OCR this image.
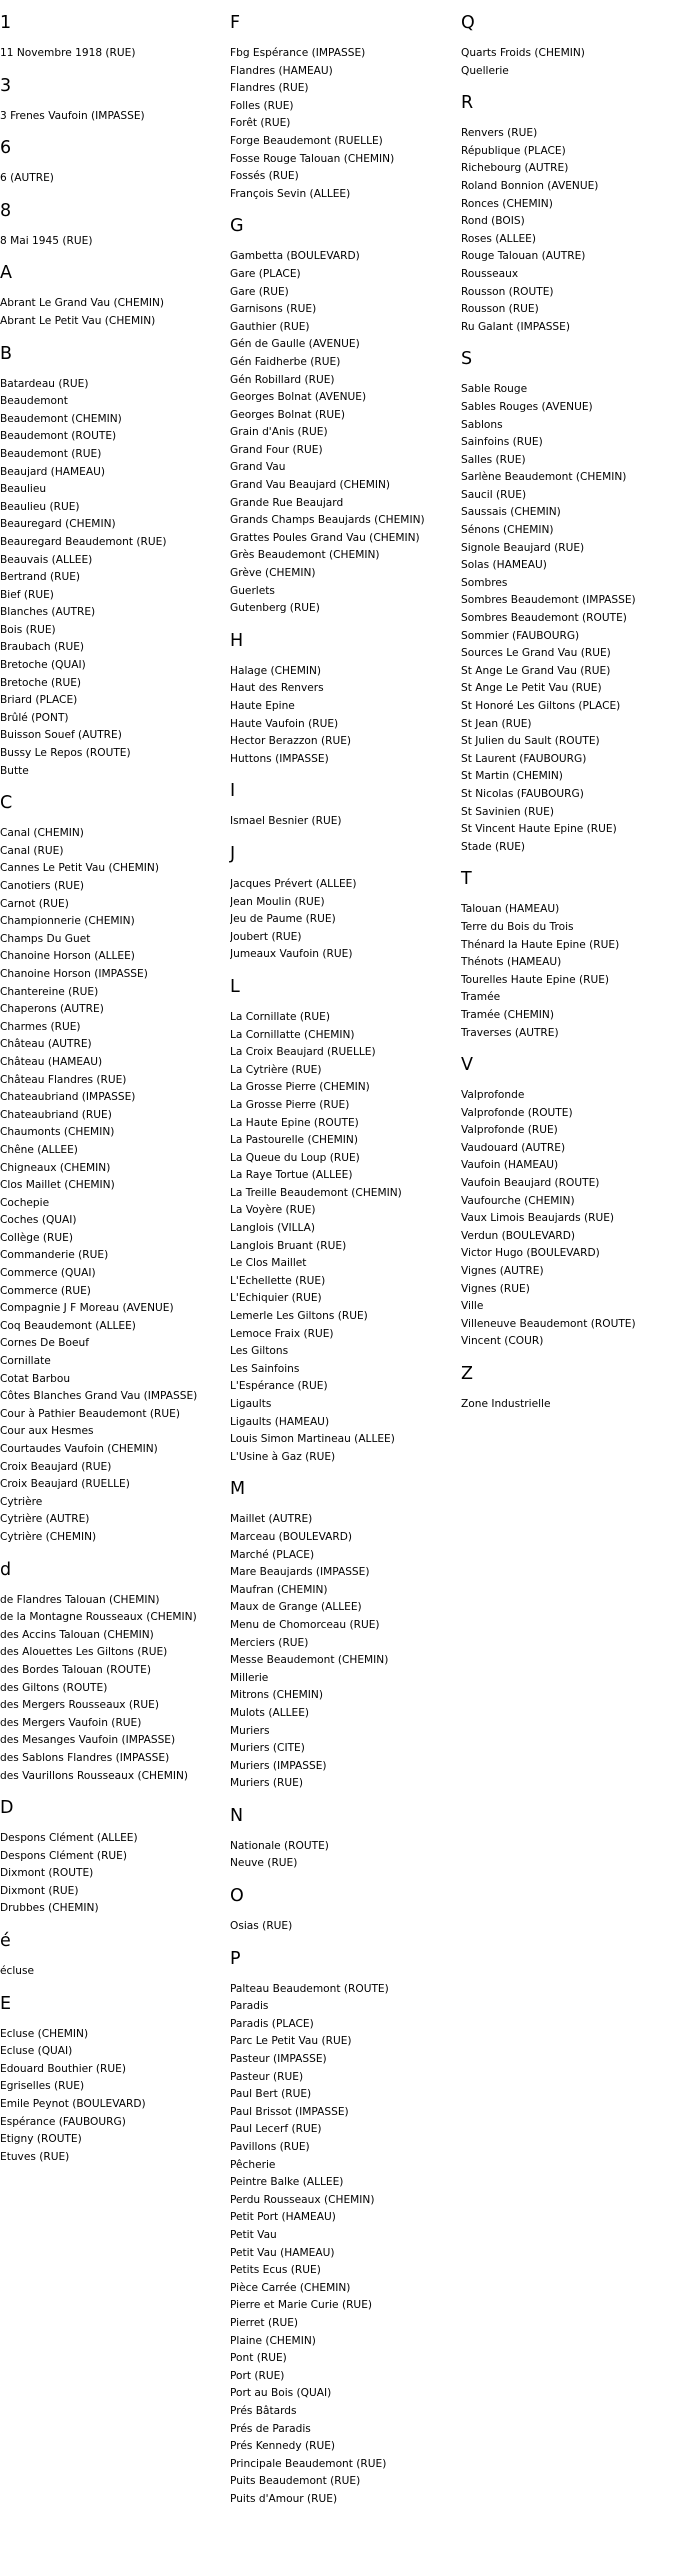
1
11 Novembre 1918 (RUE)
3
3 Frenes Vaufoin (IMPASSE)
6
6 (AUTRE)
8
8 Mai 1945 (RUE)
A
Abrant Le Grand Vau (CHEMIN)
Abrant Le Petit Vau (CHEMIN)
B
Batardeau (RUE)
Beaudemont
Beaudemont (CHEMIN)
Beaudemont (ROUTE)
Beaudemont (RUE)
Beaujard (HAMEAU)
Beaulieu
Beaulieu (RUE)
Beauregard (CHEMIN)
Beauregard Beaudemont (RUE)
Beauvais (ALLEE)
Bertrand (RUE)
Bief (RUE)
Blanches (AUTRE)
Bois (RUE)
Braubach (RUE)
Bretoche (QUAI)
Bretoche (RUE)
Briard (PLACE)
Brûlé (PONT)
Buisson Souef (AUTRE)
Bussy Le Repos (ROUTE)
Butte
C
Canal (CHEMIN)
Canal (RUE)
Cannes Le Petit Vau (CHEMIN)
Canotiers (RUE)
Carnot (RUE)
Championnerie (CHEMIN)
Champs Du Guet
Chanoine Horson (ALLEE)
Chanoine Horson (IMPASSE)
Chantereine (RUE)
Chaperons (AUTRE)
Charmes (RUE)
Château (AUTRE)
Château (HAMEAU)
Château Flandres (RUE)
Chateaubriand (IMPASSE)
Chateaubriand (RUE)
Chaumonts (CHEMIN)
Chêne (ALLEE)
Chigneaux (CHEMIN)
Clos Maillet (CHEMIN)
Cochepie
Coches (QUAI)
Collège (RUE)
Commanderie (RUE)
Commerce (QUAI)
Commerce (RUE)
Compagnie J F Moreau (AVENUE)
Coq Beaudemont (ALLEE)
Cornes De Boeuf
Cornillate
Cotat Barbou
Côtes Blanches Grand Vau (IMPASSE)
Cour à Pathier Beaudemont (RUE)
Cour aux Hesmes
Courtaudes Vaufoin (CHEMIN)
Croix Beaujard (RUE)
Croix Beaujard (RUELLE)
Cytrière
Cytrière (AUTRE)
Cytrière (CHEMIN)
d
de Flandres Talouan (CHEMIN)
de la Montagne Rousseaux (CHEMIN)
des Accins Talouan (CHEMIN)
des Alouettes Les Giltons (RUE)
des Bordes Talouan (ROUTE)
des Giltons (ROUTE)
des Mergers Rousseaux (RUE)
des Mergers Vaufoin (RUE)
des Mesanges Vaufoin (IMPASSE)
des Sablons Flandres (IMPASSE)
des Vaurillons Rousseaux (CHEMIN)
D
Despons Clément (ALLEE)
Despons Clément (RUE)
Dixmont (ROUTE)
Dixmont (RUE)
Drubbes (CHEMIN)
é
écluse
E
Ecluse (CHEMIN)
Ecluse (QUAI)
Edouard Bouthier (RUE)
Egriselles (RUE)
Emile Peynot (BOULEVARD)
Espérance (FAUBOURG)
Etigny (ROUTE)
Etuves (RUE)
F
Fbg Espérance (IMPASSE)
Flandres (HAMEAU)
Flandres (RUE)
Folles (RUE)
Forêt (RUE)
Forge Beaudemont (RUELLE)
Fosse Rouge Talouan (CHEMIN)
Fossés (RUE)
François Sevin (ALLEE)
G
Gambetta (BOULEVARD)
Gare (PLACE)
Gare (RUE)
Garnisons (RUE)
Gauthier (RUE)
Gén de Gaulle (AVENUE)
Gén Faidherbe (RUE)
Gén Robillard (RUE)
Georges Bolnat (AVENUE)
Georges Bolnat (RUE)
Grain d'Anis (RUE)
Grand Four (RUE)
Grand Vau
Grand Vau Beaujard (CHEMIN)
Grande Rue Beaujard
Grands Champs Beaujards (CHEMIN)
Grattes Poules Grand Vau (CHEMIN)
Grès Beaudemont (CHEMIN)
Grève (CHEMIN)
Guerlets
Gutenberg (RUE)
H
Halage (CHEMIN)
Haut des Renvers
Haute Epine
Haute Vaufoin (RUE)
Hector Berazzon (RUE)
Huttons (IMPASSE)
I
Ismael Besnier (RUE)
J
Jacques Prévert (ALLEE)
Jean Moulin (RUE)
Jeu de Paume (RUE)
Joubert (RUE)
Jumeaux Vaufoin (RUE)
L
La Cornillate (RUE)
La Cornillatte (CHEMIN)
La Croix Beaujard (RUELLE)
La Cytrière (RUE)
La Grosse Pierre (CHEMIN)
La Grosse Pierre (RUE)
La Haute Epine (ROUTE)
La Pastourelle (CHEMIN)
La Queue du Loup (RUE)
La Raye Tortue (ALLEE)
La Treille Beaudemont (CHEMIN)
La Voyère (RUE)
Langlois (VILLA)
Langlois Bruant (RUE)
Le Clos Maillet
L'Echellette (RUE)
L'Echiquier (RUE)
Lemerle Les Giltons (RUE)
Lemoce Fraix (RUE)
Les Giltons
Les Sainfoins
L'Espérance (RUE)
Ligaults
Ligaults (HAMEAU)
Louis Simon Martineau (ALLEE)
L'Usine à Gaz (RUE)
M
Maillet (AUTRE)
Marceau (BOULEVARD)
Marché (PLACE)
Mare Beaujards (IMPASSE)
Maufran (CHEMIN)
Maux de Grange (ALLEE)
Menu de Chomorceau (RUE)
Merciers (RUE)
Messe Beaudemont (CHEMIN)
Millerie
Mitrons (CHEMIN)
Mulots (ALLEE)
Muriers
Muriers (CITE)
Muriers (IMPASSE)
Muriers (RUE)
N
Nationale (ROUTE)
Neuve (RUE)
O
Osias (RUE)
P
Palteau Beaudemont (ROUTE)
Paradis
Paradis (PLACE)
Parc Le Petit Vau (RUE)
Pasteur (IMPASSE)
Pasteur (RUE)
Paul Bert (RUE)
Paul Brissot (IMPASSE)
Paul Lecerf (RUE)
Pavillons (RUE)
Pêcherie
Peintre Balke (ALLEE)
Perdu Rousseaux (CHEMIN)
Petit Port (HAMEAU)
Petit Vau
Petit Vau (HAMEAU)
Petits Ecus (RUE)
Pièce Carrée (CHEMIN)
Pierre et Marie Curie (RUE)
Pierret (RUE)
Plaine (CHEMIN)
Pont (RUE)
Port (RUE)
Port au Bois (QUAI)
Prés Bâtards
Prés de Paradis
Prés Kennedy (RUE)
Principale Beaudemont (RUE)
Puits Beaudemont (RUE)
Puits d'Amour (RUE)
Q
Quarts Froids (CHEMIN)
Quellerie
R
Renvers (RUE)
République (PLACE)
Richebourg (AUTRE)
Roland Bonnion (AVENUE)
Ronces (CHEMIN)
Rond (BOIS)
Roses (ALLEE)
Rouge Talouan (AUTRE)
Rousseaux
Rousson (ROUTE)
Rousson (RUE)
Ru Galant (IMPASSE)
S
Sable Rouge
Sables Rouges (AVENUE)
Sablons
Sainfoins (RUE)
Salles (RUE)
Sarlène Beaudemont (CHEMIN)
Saucil (RUE)
Saussais (CHEMIN)
Sénons (CHEMIN)
Signole Beaujard (RUE)
Solas (HAMEAU)
Sombres
Sombres Beaudemont (IMPASSE)
Sombres Beaudemont (ROUTE)
Sommier (FAUBOURG)
Sources Le Grand Vau (RUE)
St Ange Le Grand Vau (RUE)
St Ange Le Petit Vau (RUE)
St Honoré Les Giltons (PLACE)
St Jean (RUE)
St Julien du Sault (ROUTE)
St Laurent (FAUBOURG)
St Martin (CHEMIN)
St Nicolas (FAUBOURG)
St Savinien (RUE)
St Vincent Haute Epine (RUE)
Stade (RUE)
T
Talouan (HAMEAU)
Terre du Bois du Trois
Thénard la Haute Epine (RUE)
Thénots (HAMEAU)
Tourelles Haute Epine (RUE)
Tramée
Tramée (CHEMIN)
Traverses (AUTRE)
V
Valprofonde
Valprofonde (ROUTE)
Valprofonde (RUE)
Vaudouard (AUTRE)
Vaufoin (HAMEAU)
Vaufoin Beaujard (ROUTE)
Vaufourche (CHEMIN)
Vaux Limois Beaujards (RUE)
Verdun (BOULEVARD)
Victor Hugo (BOULEVARD)
Vignes (AUTRE)
Vignes (RUE)
Ville
Villeneuve Beaudemont (ROUTE)
Vincent (COUR)
Z
Zone Industrielle
